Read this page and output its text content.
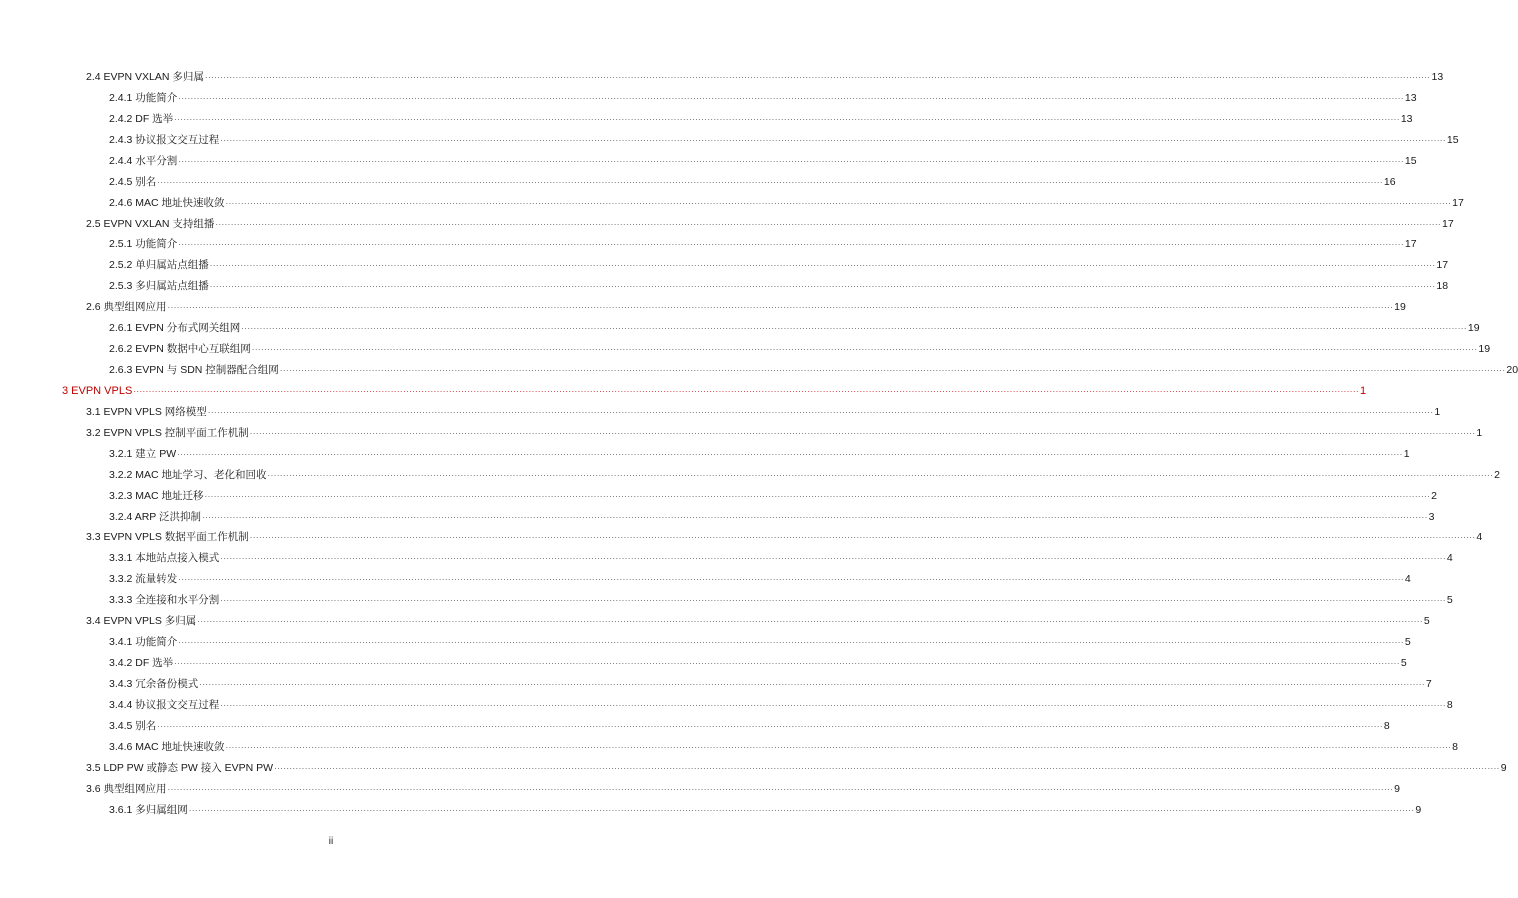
2.4 EVPN VXLAN 多归属 ················································································································································································································································································································································································································ 13
2.4.1 功能简介 ················································································································································································································································································································································································································ 13
2.4.2 DF 选举 ················································································································································································································································································································································································································ 13
2.4.3 协议报文交互过程 ················································································································································································································································································································································································································ 15
2.4.4 水平分割 ················································································································································································································································································································································································································ 15
2.4.5 别名 ················································································································································································································································································································································································································ 16
2.4.6 MAC 地址快速收敛 ················································································································································································································································································································································································································ 17
2.5 EVPN VXLAN 支持组播 ················································································································································································································································································································································································································ 17
2.5.1 功能简介 ················································································································································································································································································································································································································ 17
2.5.2 单归属站点组播 ················································································································································································································································································································································································································ 17
2.5.3 多归属站点组播 ················································································································································································································································································································································································································ 18
2.6 典型组网应用 ················································································································································································································································································································································································································ 19
2.6.1 EVPN 分布式网关组网 ················································································································································································································································································································································································································ 19
2.6.2 EVPN 数据中心互联组网 ················································································································································································································································································································································································································ 19
2.6.3 EVPN 与 SDN 控制器配合组网 ················································································································································································································································································································································································································ 20
3 EVPN VPLS ················································································································································································································································································································································································································ 1
3.1 EVPN VPLS 网络模型 ················································································································································································································································································································································································································ 1
3.2 EVPN VPLS 控制平面工作机制 ················································································································································································································································································································································································································ 1
3.2.1 建立 PW ················································································································································································································································································································································································································ 1
3.2.2 MAC 地址学习、老化和回收 ················································································································································································································································································································································································································ 2
3.2.3 MAC 地址迁移 ················································································································································································································································································································································································································ 2
3.2.4 ARP 泛洪抑制 ················································································································································································································································································································································································································ 3
3.3 EVPN VPLS 数据平面工作机制 ················································································································································································································································································································································································································ 4
3.3.1 本地站点接入模式 ················································································································································································································································································································································································································ 4
3.3.2 流量转发 ················································································································································································································································································································································································································ 4
3.3.3 全连接和水平分割 ················································································································································································································································································································································································································ 5
3.4 EVPN VPLS 多归属 ················································································································································································································································································································································································································ 5
3.4.1 功能简介 ················································································································································································································································································································································································································ 5
3.4.2 DF 选举 ················································································································································································································································································································································································································ 5
3.4.3 冗余备份模式 ················································································································································································································································································································································································································ 7
3.4.4 协议报文交互过程 ················································································································································································································································································································································································································ 8
3.4.5 别名 ················································································································································································································································································································································································································ 8
3.4.6 MAC 地址快速收敛 ················································································································································································································································································································································································································ 8
3.5 LDP PW 或静态 PW 接入 EVPN PW ················································································································································································································································································································································································································ 9
3.6 典型组网应用 ················································································································································································································································································································································································································ 9
3.6.1 多归属组网 ················································································································································································································································································································································································································ 9
ii
